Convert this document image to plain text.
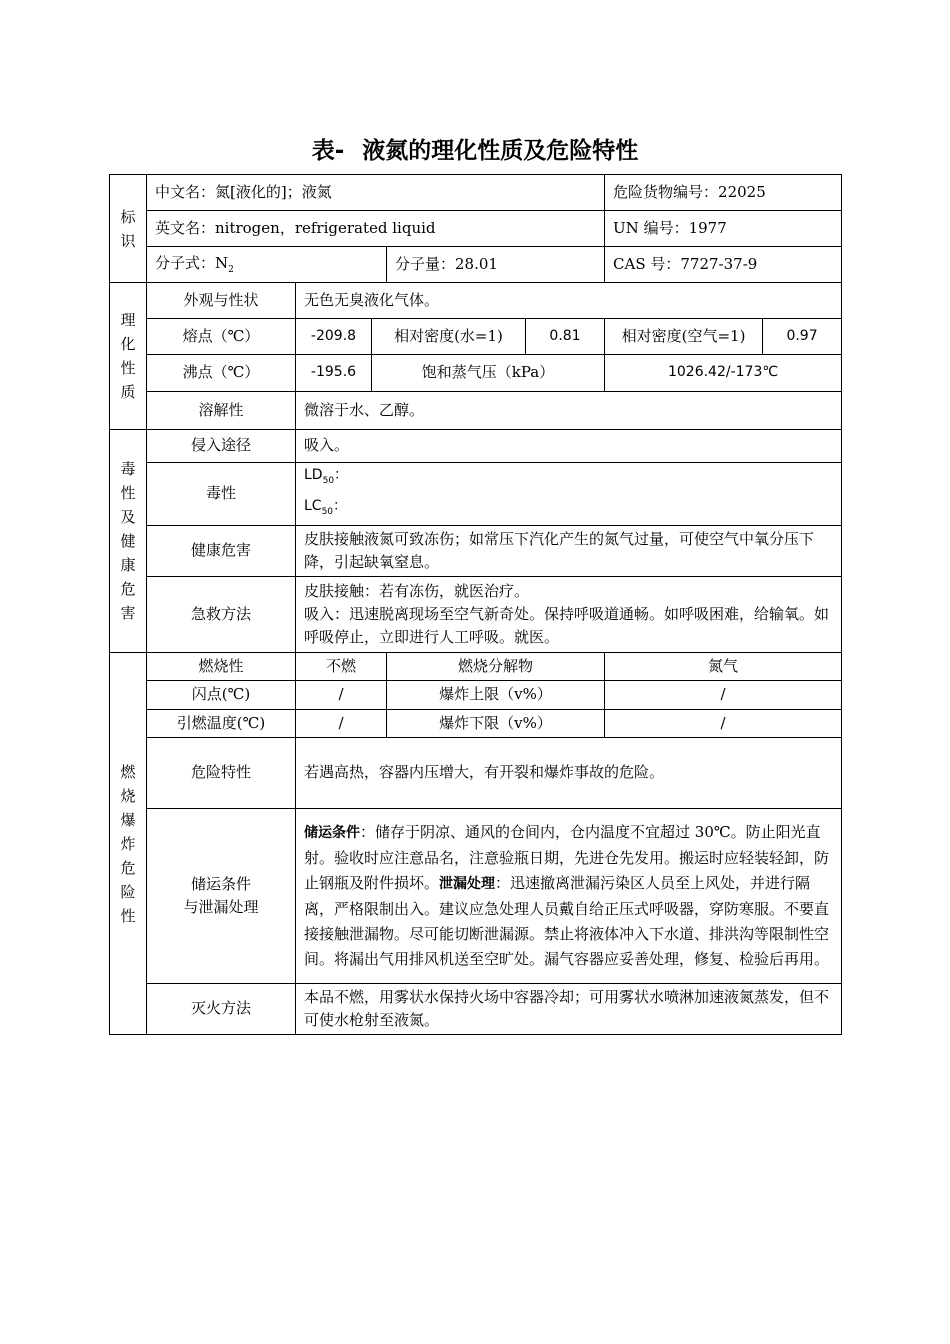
表- 液氮的理化性质及危险特性
标识	中文名：氮[液化的]；液氮					危险货物编号：22025	
	英文名：nitrogen，refrigerated liquid					UN 编号：1977	
	分子式：$N_2$			分子量：28.01		CAS 号：7727-37-9	

理化性质	外观与性状	无色无臭液化气体。					
	熔点（℃）	-209.8	相对密度(水=1)		0.81	相对密度(空气=1)	0.97
	沸点（℃）	-195.6	饱和蒸气压（kPa）			1026.42/-173℃	
	溶解性	微溶于水、乙醇。					

毒性及健康危害	侵入途径	吸入。					
	毒性	$LD_{50}$：
$LC_{50}$：					

	健康危害	皮肤接触液氮可致冻伤；如常压下汽化产生的氮气过量，可使空气中氧分压下降，引起缺氧窒息。					
	急救方法	皮肤接触：若有冻伤，就医治疗。
吸入：迅速脱离现场至空气新奇处。保持呼吸道通畅。如呼吸困难，给输氧。如呼吸停止，立即进行人工呼吸。就医。					

燃烧爆炸危险性	燃烧性	不燃		燃烧分解物		氮气	
	闪点(℃)	/		爆炸上限（v%）		/	
	引燃温度(℃)	/		爆炸下限（v%）		/	
	危险特性	若遇高热，容器内压增大，有开裂和爆炸事故的危险。					

	储运条件
与泄漏处理	储运条件：储存于阴凉、通风的仓间内，仓内温度不宜超过 30℃。防止阳光直射。验收时应注意品名，注意验瓶日期，先进仓先发用。搬运时应轻装轻卸，防止钢瓶及附件损坏。泄漏处理：迅速撤离泄漏污染区人员至上风处，并进行隔离，严格限制出入。建议应急处理人员戴自给正压式呼吸器，穿防寒服。不要直接接触泄漏物。尽可能切断泄漏源。禁止将液体冲入下水道、排洪沟等限制性空间。将漏出气用排风机送至空旷处。漏气容器应妥善处理，修复、检验后再用。					
	灭火方法	本品不燃，用雾状水保持火场中容器冷却；可用雾状水喷淋加速液氮蒸发，但不可使水枪射至液氮。					
